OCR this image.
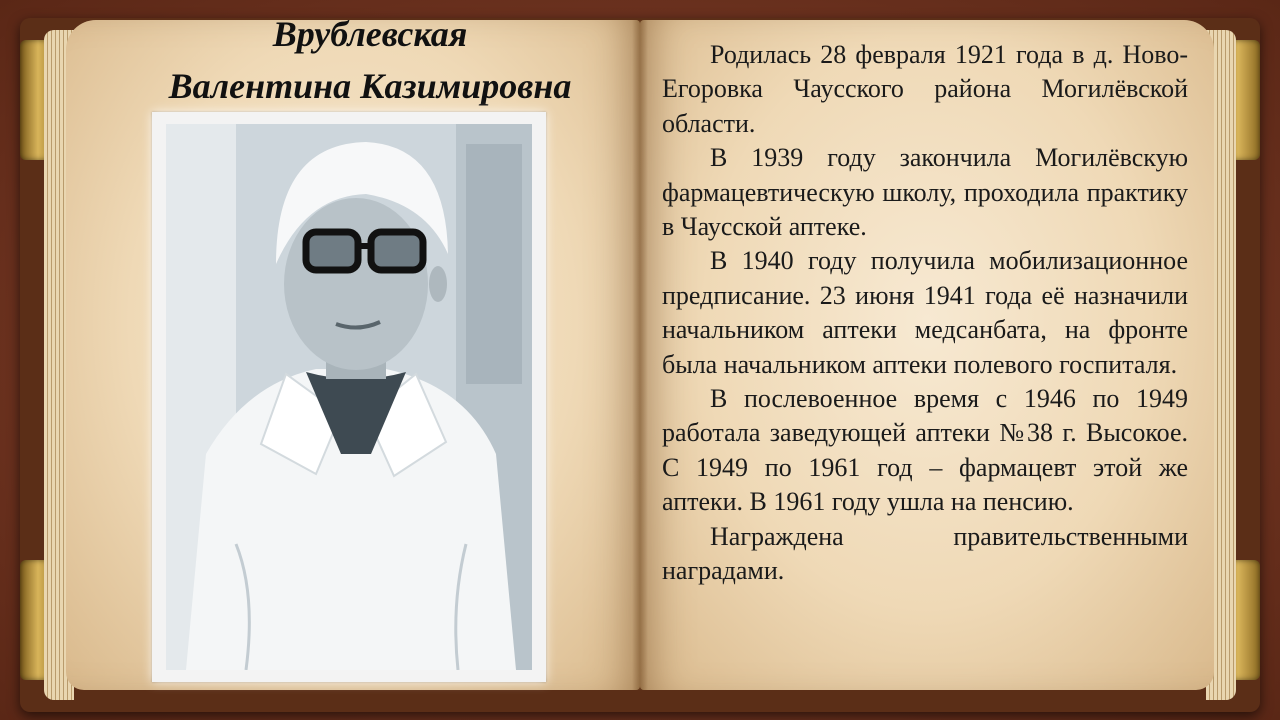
Врублевская
Валентина Казимировна

Родилась 28 февраля 1921 года в д. Ново-Егоровка Чаусского района Могилёвской области.

В 1939 году закончила Могилёвскую фармацевтическую школу, проходила практику в Чаусской аптеке.

В 1940 году получила мобилизационное предписание. 23 июня 1941 года её назначили начальником аптеки медсанбата, на фронте была начальником аптеки полевого госпиталя.

В послевоенное время с 1946 по 1949 работала заведующей аптеки №38 г. Высокое. С 1949 по 1961 год – фармацевт этой же аптеки. В 1961 году ушла на пенсию.

Награждена правительственными наградами.
